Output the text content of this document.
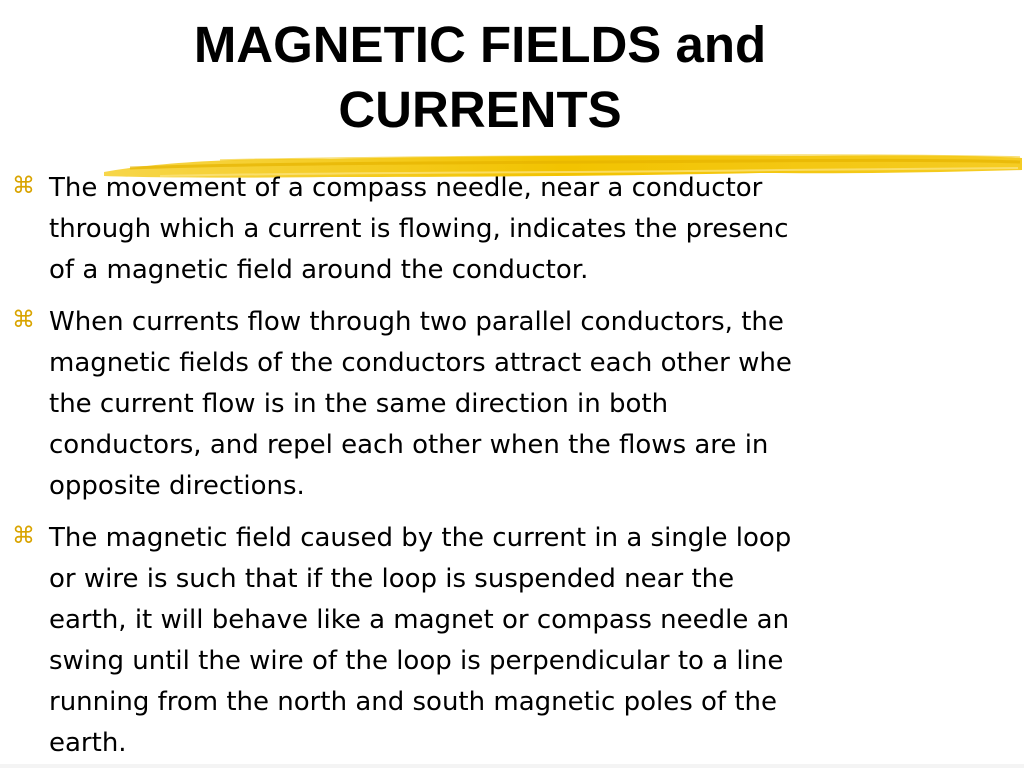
MAGNETIC FIELDS and
CURRENTS
⌘ The movement of a compass needle, near a conductor
through which a current is flowing, indicates the presenc
of a magnetic field around the conductor.
⌘ When currents flow through two parallel conductors, the
magnetic fields of the conductors attract each other whe
the current flow is in the same direction in both
conductors, and repel each other when the flows are in
opposite directions.
⌘ The magnetic field caused by the current in a single loop
or wire is such that if the loop is suspended near the
earth, it will behave like a magnet or compass needle an
swing until the wire of the loop is perpendicular to a line
running from the north and south magnetic poles of the
earth.
